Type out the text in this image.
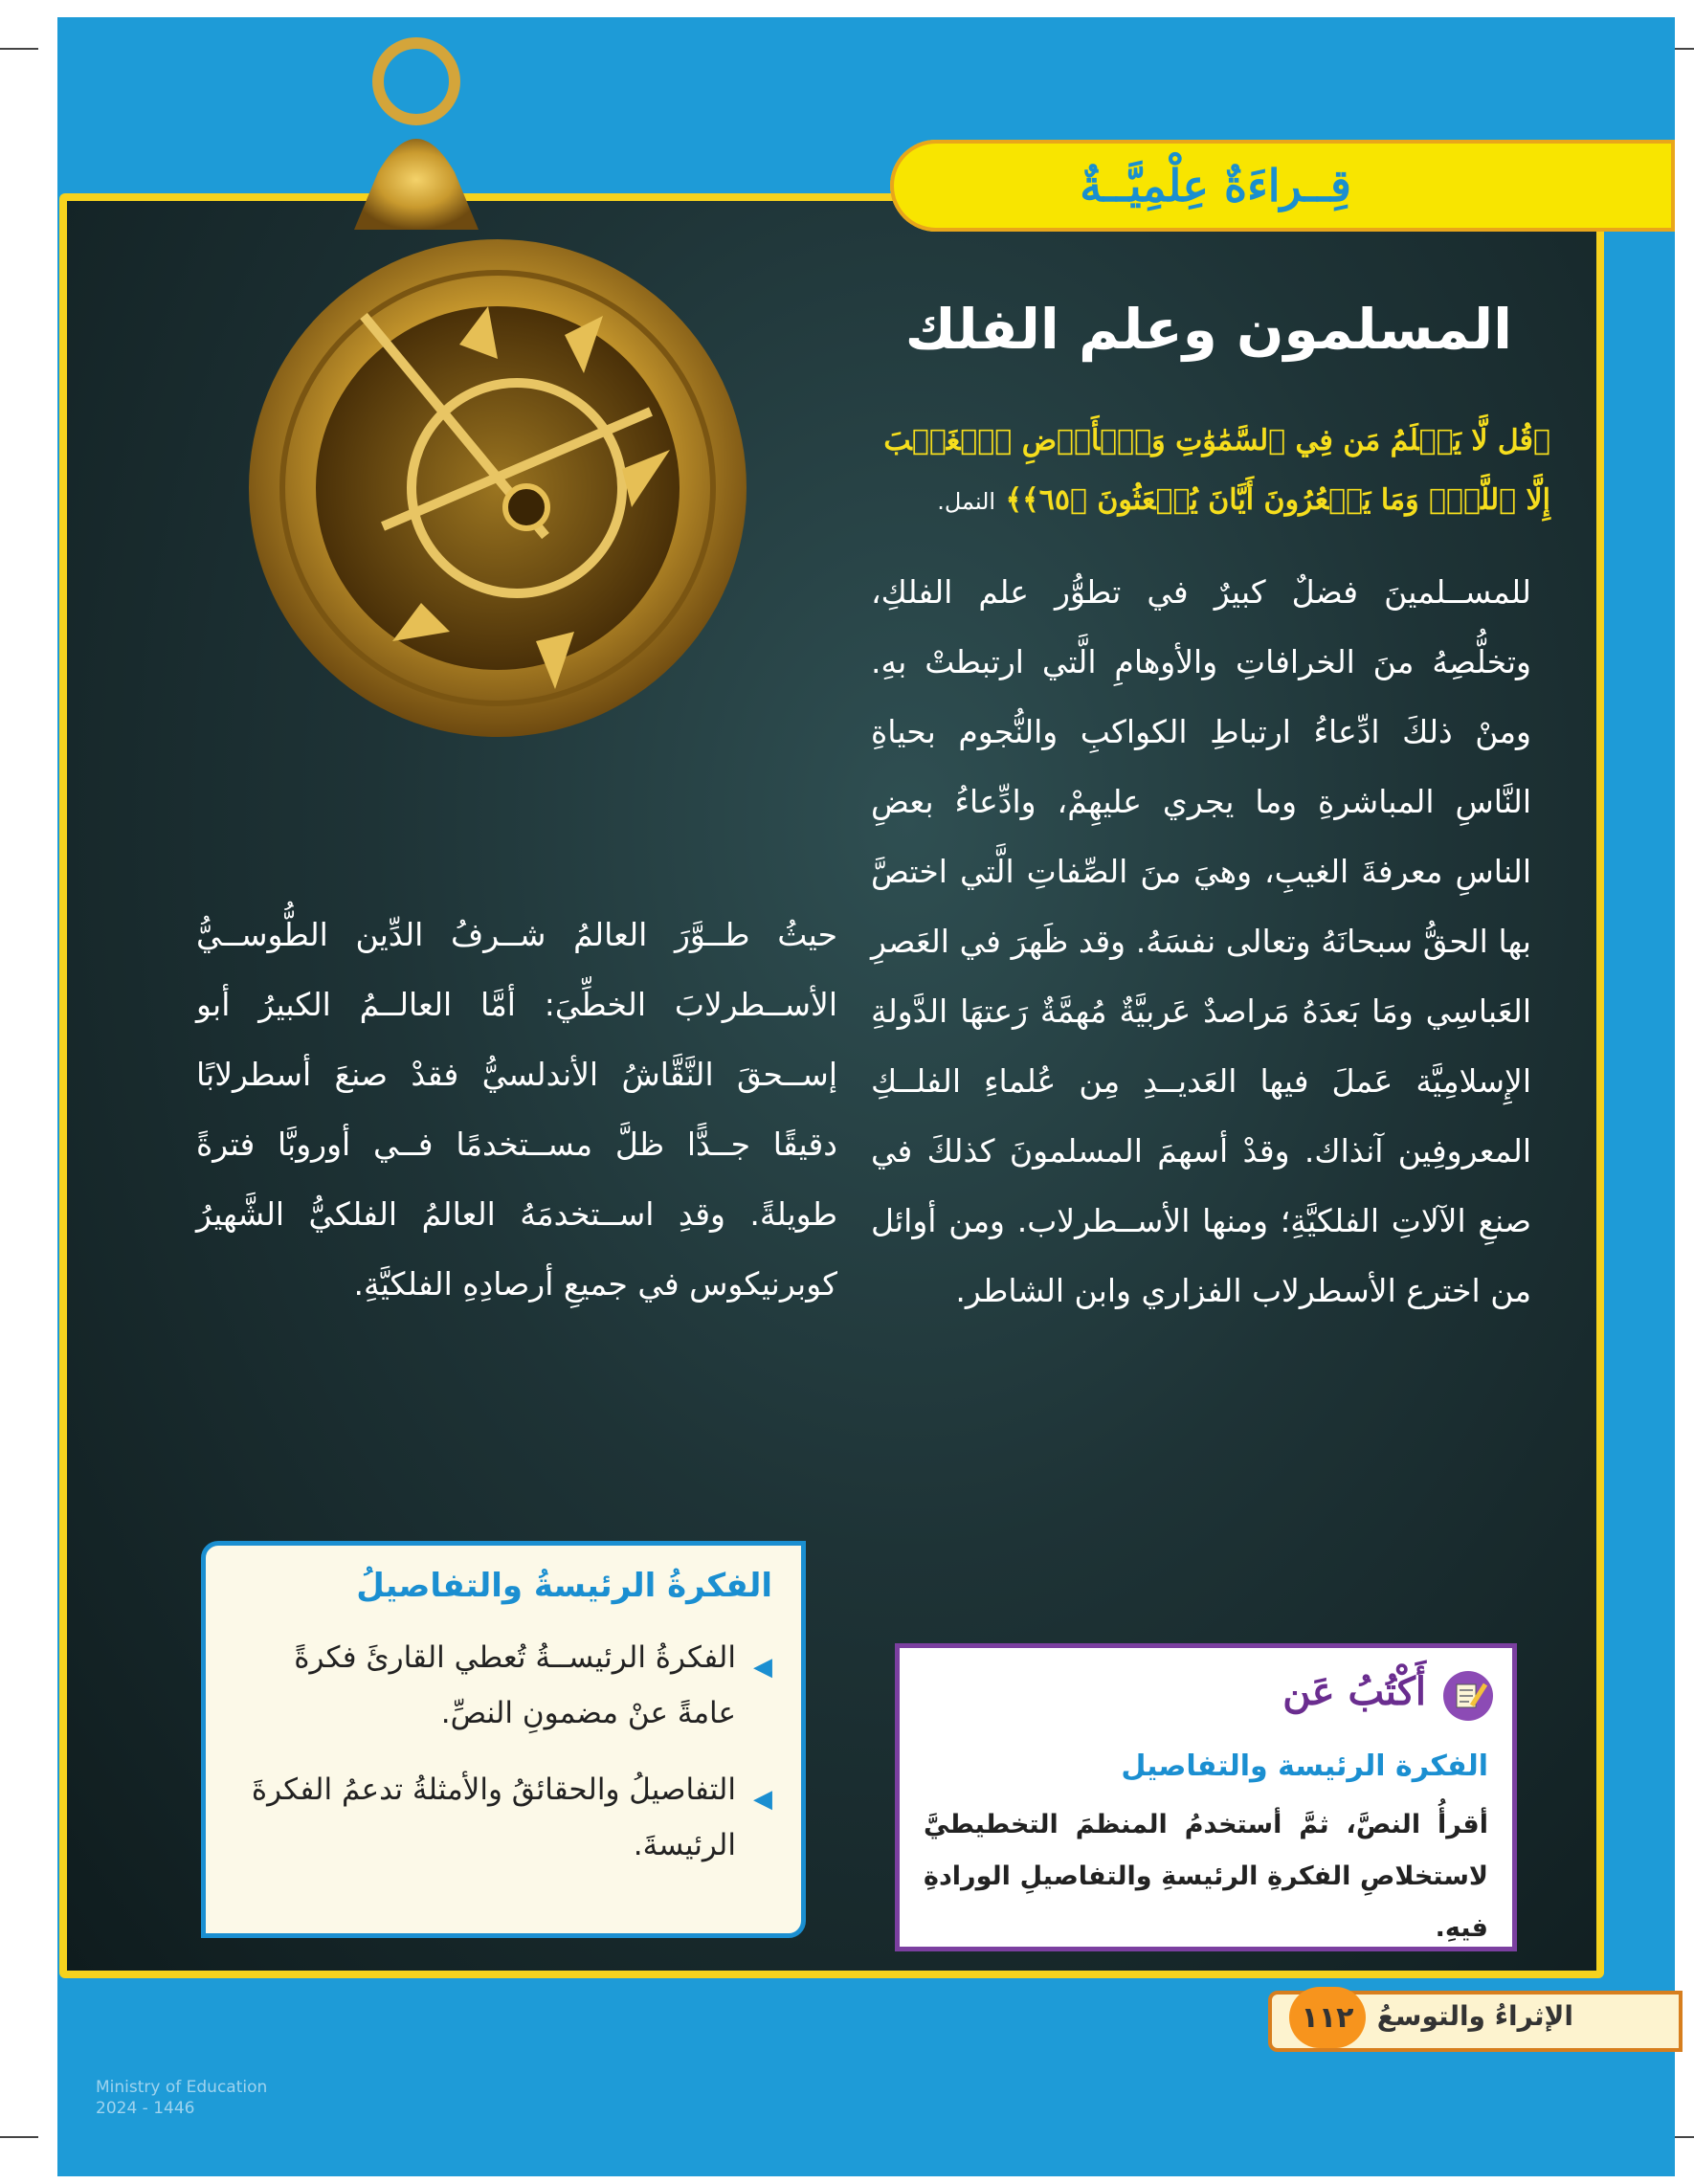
قِــراءَةٌ عِلْمِيَّــةٌ
المسلمون وعلم الفلك
﴿قُل لَّا يَعۡلَمُ مَن فِي ٱلسَّمَٰوَٰتِ وَٱلۡأَرۡضِ ٱلۡغَيۡبَ إِلَّا ٱللَّهُۚ وَمَا يَشۡعُرُونَ أَيَّانَ يُبۡعَثُونَ ﴿٦٥﴾﴾ النمل.
للمســلمينَ فضلٌ كبيرٌ في تطوُّر علم الفلكِ، وتخلُّصِهُ منَ الخرافاتِ والأوهامِ الَّتي ارتبطتْ بهِ. ومنْ ذلكَ ادِّعاءُ ارتباطِ الكواكبِ والنُّجوم بحياةِ النَّاسِ المباشرةِ وما يجري عليهِمْ، وادِّعاءُ بعضِ الناسِ معرفةَ الغيبِ، وهيَ منَ الصِّفاتِ الَّتي اختصَّ بها الحقُّ سبحانَهُ وتعالى نفسَهُ. وقد ظَهرَ في العَصرِ العَباسِي ومَا بَعدَهُ مَراصدٌ عَربيَّةٌ مُهمَّةٌ رَعتهَا الدَّولةِ الإِسلامِيَّة عَملَ فيها العَديــدِ مِن عُلماءِ الفلــكِ المعروفِين آنذاك. وقدْ أسهمَ المسلمونَ كذلكَ في صنعِ الآلاتِ الفلكيَّةِ؛ ومنها الأســطرلاب. ومن أوائل من اخترع الأسطرلاب الفزاري وابن الشاطر.
حيثُ طــوَّرَ العالمُ شــرفُ الدِّين الطُّوســيُّ الأســطرلابَ الخطِّيَ: أمَّا العالــمُ الكبيرُ أبو إســحقَ النَّقَّاشُ الأندلسيُّ فقدْ صنعَ أسطرلابًا دقيقًا جــدًّا ظلَّ مســتخدمًا فــي أوروبَّا فترةً طويلةً. وقدِ اســتخدمَهُ العالمُ الفلكيُّ الشَّهيرُ كوبرنيكوس في جميعِ أرصادِهِ الفلكيَّةِ.
الفكرةُ الرئيسةُ والتفاصيلُ
◀
الفكرةُ الرئيســةُ تُعطي القارئَ فكرةً عامةً عنْ مضمونِ النصِّ.
◀
التفاصيلُ والحقائقُ والأمثلةُ تدعمُ الفكرةَ الرئيسةَ.
أَكْتُبُ عَن
الفكرة الرئيسة والتفاصيل
أقرأُ النصَّ، ثمَّ أستخدمُ المنظمَ التخطيطيَّ لاستخلاصِ الفكرةِ الرئيسةِ والتفاصيلِ الورادةِ فيهِ.
الإثراءُ والتوسعُ
١١٢
Ministry of Education
2024 - 1446
